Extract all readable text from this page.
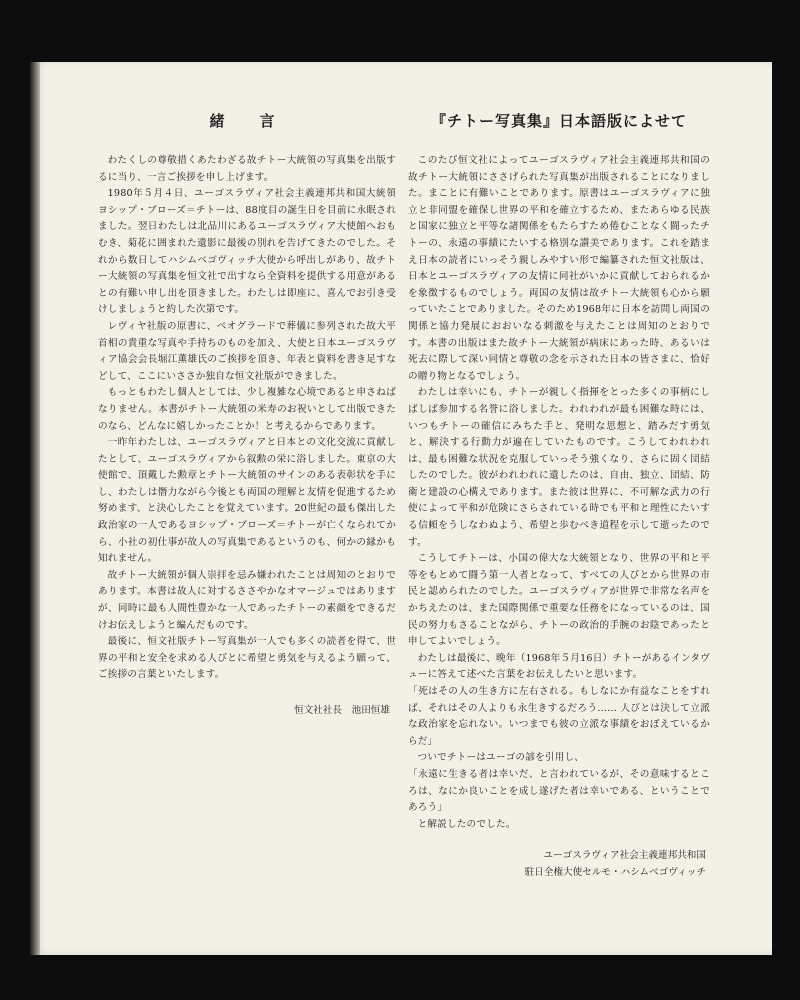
緒　言

わたくしの尊敬措くあたわざる故チトー大統領の写真集を出版するに当り、一言ご挨拶を申し上げます。

1980年５月４日、ユーゴスラヴィア社会主義連邦共和国大統領ヨシップ・ブローズ＝チトーは、88度目の誕生日を目前に永眠されました。翌日わたしは北品川にあるユーゴスラヴィア大使館へおもむき、菊花に囲まれた遺影に最後の別れを告げてきたのでした。それから数日してハシムベゴヴィッチ大使から呼出しがあり、故チトー大統領の写真集を恒文社で出すなら全資料を提供する用意があるとの有難い申し出を頂きました。わたしは即座に、喜んでお引き受けしましょうと約した次第です。

レヴィヤ社版の原書に、ベオグラードで葬儀に参列された故大平首相の貴重な写真や手持ちのものを加え、大使と日本ユーゴスラヴィア協会会長堀江薫雄氏のご挨拶を頂き、年表と資料を書き足すなどして、ここにいささか独自な恒文社版ができました。

もっともわたし個人としては、少し複雑な心境であると申さねばなりません。本書がチトー大統領の米寿のお祝いとして出版できたのなら、どんなに嬉しかったことか！と考えるからであります。

一昨年わたしは、ユーゴスラヴィアと日本との文化交流に貢献したとして、ユーゴスラヴィアから叙勲の栄に浴しました。東京の大使館で、頂戴した勲章とチトー大統領のサインのある表彰状を手にし、わたしは僭力ながら今後とも両国の理解と友情を促進するため努めます、と決心したことを覚えています。20世紀の最も傑出した政治家の一人であるヨシップ・ブローズ＝チトーが亡くなられてから、小社の初仕事が故人の写真集であるというのも、何かの縁かも知れません。

故チトー大統領が個人崇拝を忌み嫌われたことは周知のとおりであります。本書は故人に対するささやかなオマージュではありますが、同時に最も人間性豊かな一人であったチトーの素顔をできるだけお伝えしようと編んだものです。

最後に、恒文社版チトー写真集が一人でも多くの読者を得て、世界の平和と安全を求める人びとに希望と勇気を与えるよう願って、ご挨拶の言葉といたします。

恒文社社長　池田恒雄
『チトー写真集』日本語版によせて

このたび恒文社によってユーゴスラヴィア社会主義連邦共和国の故チトー大統領にささげられた写真集が出版されることになりました。まことに有難いことであります。原書はユーゴスラヴィアに独立と非同盟を確保し世界の平和を確立するため、またあらゆる民族と国家に独立と平等な諸関係をもたらすため倦むことなく闘ったチトーの、永遠の事績にたいする格別な讃美であります。これを踏まえ日本の読者にいっそう親しみやすい形で編纂された恒文社版は、日本とユーゴスラヴィアの友情に同社がいかに貢献しておられるかを象徴するものでしょう。両国の友情は故チトー大統領も心から願っていたことでありました。そのため1968年に日本を訪問し両国の関係と協力発展におおいなる刺激を与えたことは周知のとおりです。本書の出版はまた故チトー大統領が病床にあった時、あるいは死去に際して深い同情と尊敬の念を示された日本の皆さまに、恰好の贈り物となるでしょう。

わたしは幸いにも、チトーが親しく指揮をとった多くの事柄にしばしば参加する名誉に浴しました。われわれが最も困難な時には、いつもチトーの確信にみちた手と、発明な思想と、踏みだす勇気と、解決する行動力が遍在していたものです。こうしてわれわれは、最も困難な状況を克服していっそう強くなり、さらに固く団結したのでした。彼がわれわれに遺したのは、自由、独立、団結、防衛と建設の心構えであります。また彼は世界に、不可解な武力の行使によって平和が危険にさらされている時でも平和と理性にたいする信頼をうしなわぬよう、希望と歩むべき道程を示して逝ったのです。

こうしてチトーは、小国の偉大な大統領となり、世界の平和と平等をもとめて闘う第一人者となって、すべての人びとから世界の市民と認められたのでした。ユーゴスラヴィアが世界で非常な名声をかちえたのは、また国際関係で重要な任務をになっているのは、国民の努力もさることながら、チトーの政治的手腕のお陰であったと申してよいでしょう。

わたしは最後に、晩年（1968年５月16日）チトーがあるインタヴューに答えて述べた言葉をお伝えしたいと思います。

「死はその人の生き方に左右される。もしなにか有益なことをすれば、それはその人よりも永生きするだろう…… 人びとは決して立派な政治家を忘れない。いつまでも彼の立派な事績をおぼえているからだ」

ついでチトーはユーゴの諺を引用し、

「永遠に生きる者は幸いだ、と言われているが、その意味するところは、なにか良いことを成し遂げた者は幸いである、ということであろう」

と解説したのでした。

ユーゴスラヴィア社会主義連邦共和国
駐日全権大使セルモ・ハシムベゴヴィッチ
